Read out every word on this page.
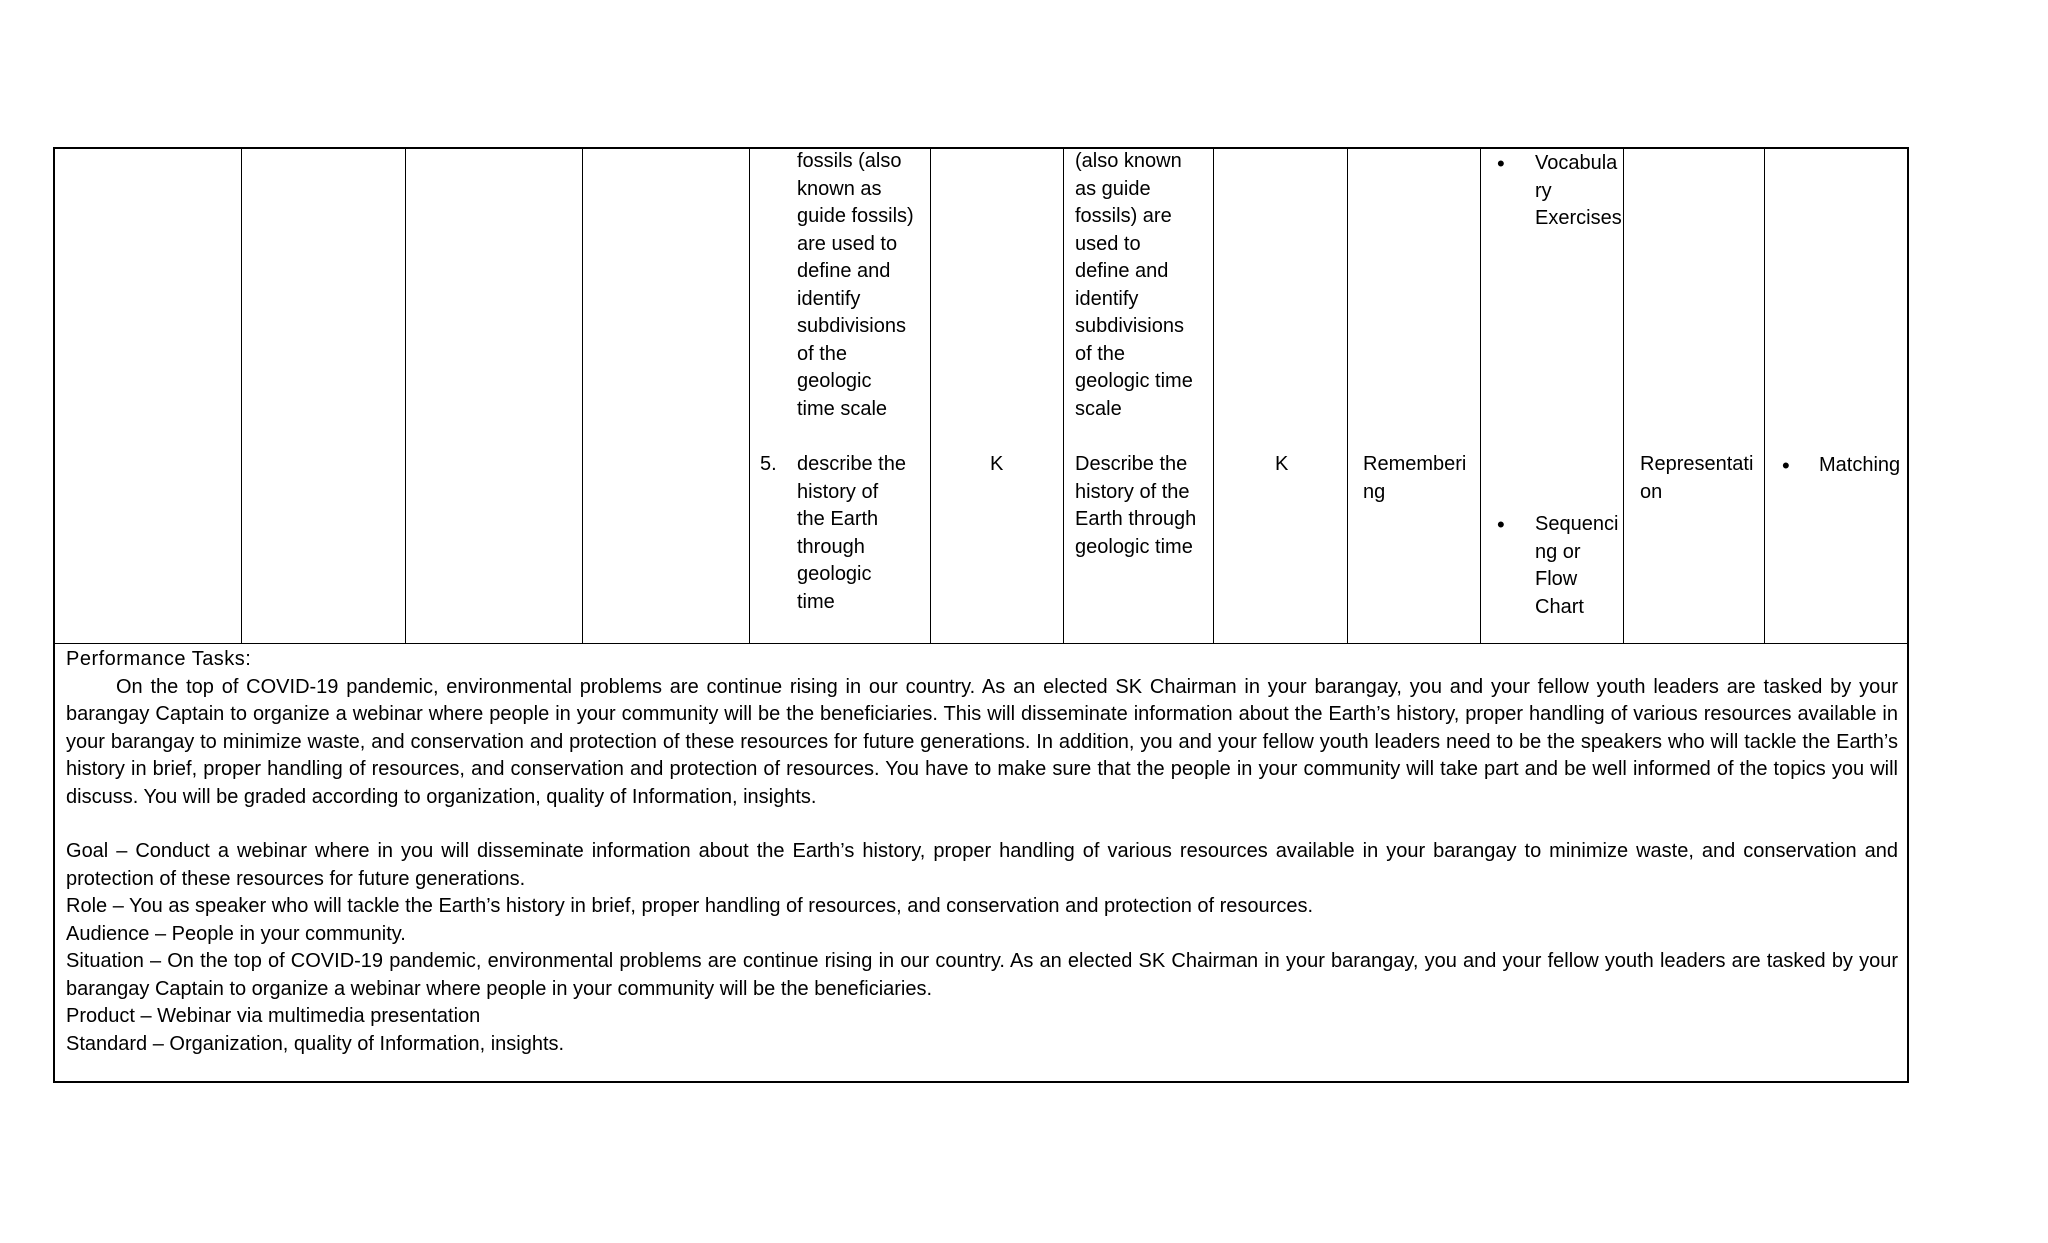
fossils (also

known as

guide fossils)

are used to

define and

identify

subdivisions

of the

geologic

time scale

5. describe the

history of

the Earth

through

geologic

time

K

(also known

as guide

fossils) are

used to

define and

identify

subdivisions

of the

geologic time

scale

Describe the

history of the

Earth through

geologic time

K	Rememberi

ng

• Vocabula

ry

Exercises

• Sequenci

ng or

Flow

Chart

Representati

on

• Matching
Performance Tasks:

On the top of COVID-19 pandemic, environmental problems are continue rising in our country. As an elected SK Chairman in your barangay, you and your fellow youth leaders are tasked by your barangay Captain to organize a webinar where people in your community will be the beneficiaries. This will disseminate information about the Earth’s history, proper handling of various resources available in your barangay to minimize waste, and conservation and protection of these resources for future generations. In addition, you and your fellow youth leaders need to be the speakers who will tackle the Earth’s history in brief, proper handling of resources, and conservation and protection of resources. You have to make sure that the people in your community will take part and be well informed of the topics you will discuss. You will be graded according to organization, quality of Information, insights.

Goal – Conduct a webinar where in you will disseminate information about the Earth’s history, proper handling of various resources available in your barangay to minimize waste, and conservation and protection of these resources for future generations.

Role – You as speaker who will tackle the Earth’s history in brief, proper handling of resources, and conservation and protection of resources.

Audience – People in your community.

Situation – On the top of COVID-19 pandemic, environmental problems are continue rising in our country. As an elected SK Chairman in your barangay, you and your fellow youth leaders are tasked by your barangay Captain to organize a webinar where people in your community will be the beneficiaries.

Product – Webinar via multimedia presentation

Standard – Organization, quality of Information, insights.
